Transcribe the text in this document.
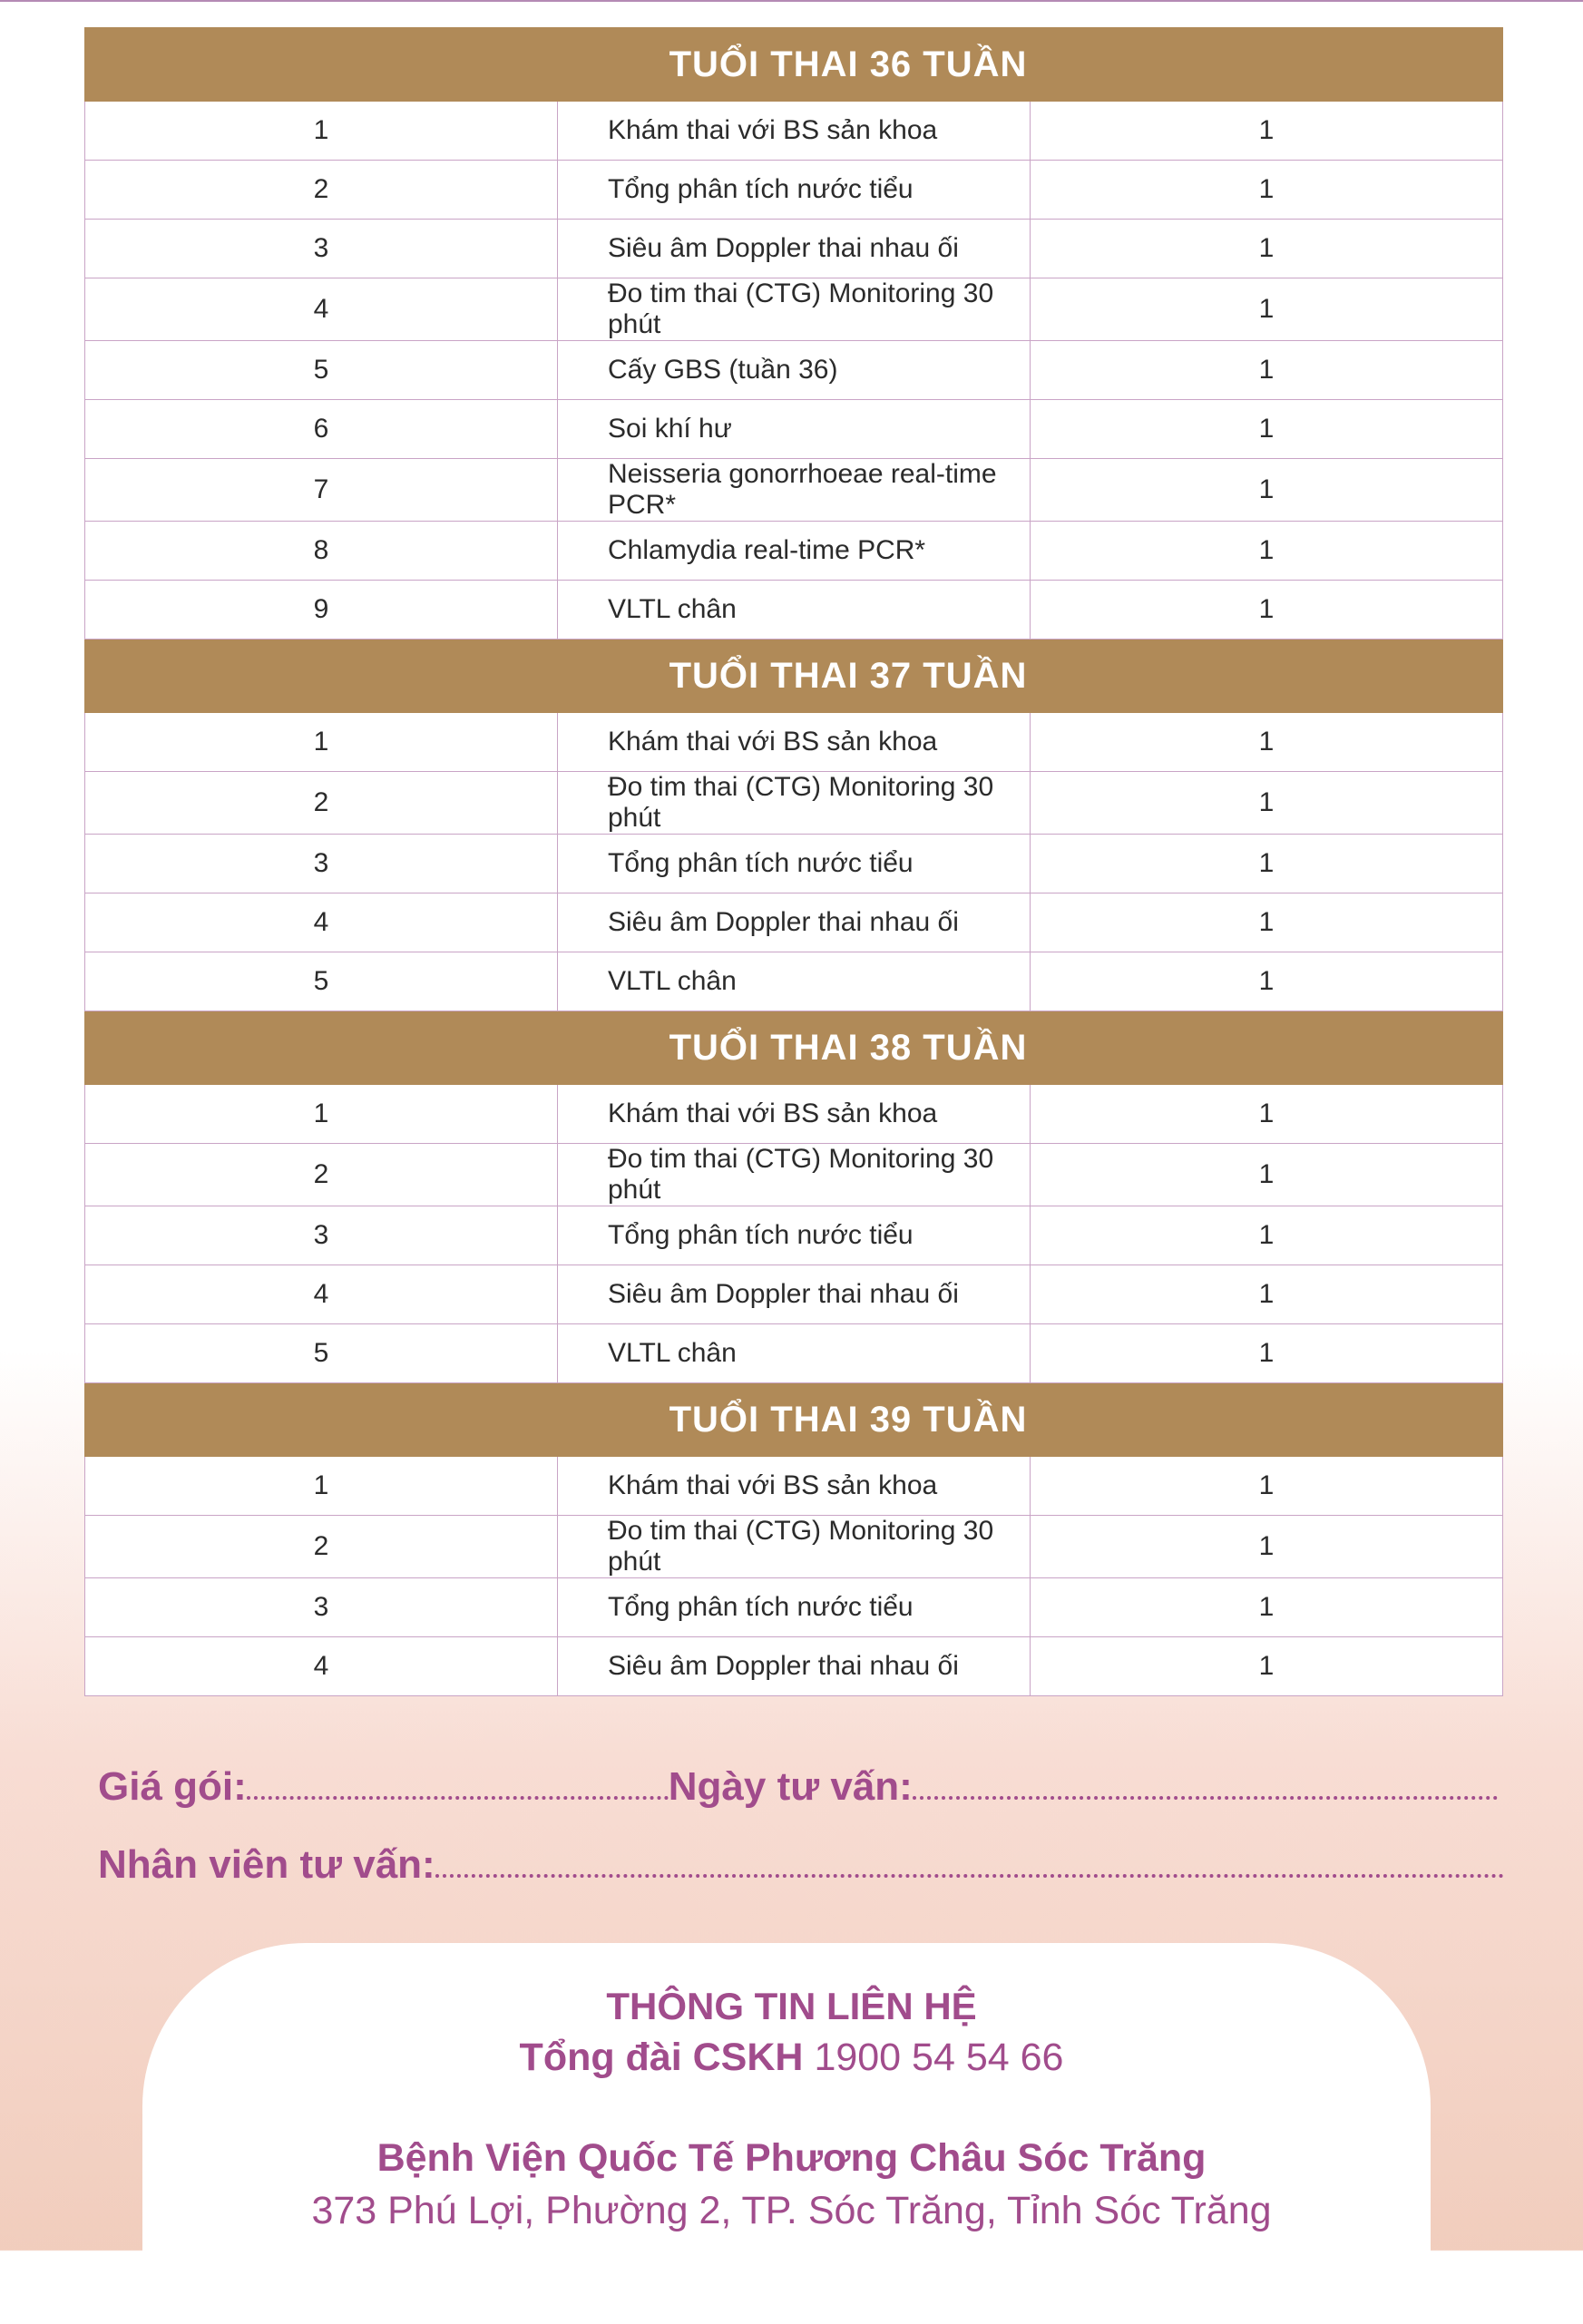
TUỔI THAI 36 TUẦN		
1	Khám thai với BS sản khoa	1
2	Tổng phân tích nước tiểu	1
3	Siêu âm Doppler thai nhau ối	1
4	Đo tim thai (CTG) Monitoring 30 phút	1
5	Cấy GBS (tuần 36)	1
6	Soi khí hư	1
7	Neisseria gonorrhoeae real-time PCR*	1
8	Chlamydia real-time PCR*	1
9	VLTL chân	1
TUỔI THAI 37 TUẦN		
1	Khám thai với BS sản khoa	1
2	Đo tim thai (CTG) Monitoring 30 phút	1
3	Tổng phân tích nước tiểu	1
4	Siêu âm Doppler thai nhau ối	1
5	VLTL chân	1
TUỔI THAI 38 TUẦN		
1	Khám thai với BS sản khoa	1
2	Đo tim thai (CTG) Monitoring 30 phút	1
3	Tổng phân tích nước tiểu	1
4	Siêu âm Doppler thai nhau ối	1
5	VLTL chân	1
TUỔI THAI 39 TUẦN		
1	Khám thai với BS sản khoa	1
2	Đo tim thai (CTG) Monitoring 30 phút	1
3	Tổng phân tích nước tiểu	1
4	Siêu âm Doppler thai nhau ối	1
Giá gói:	Ngày tư vấn:
Nhân viên tư vấn:
THÔNG TIN LIÊN HỆ
Tổng đài CSKH 1900 54 54 66
Bệnh Viện Quốc Tế Phương Châu Sóc Trăng
373 Phú Lợi, Phường 2, TP. Sóc Trăng, Tỉnh Sóc Trăng
